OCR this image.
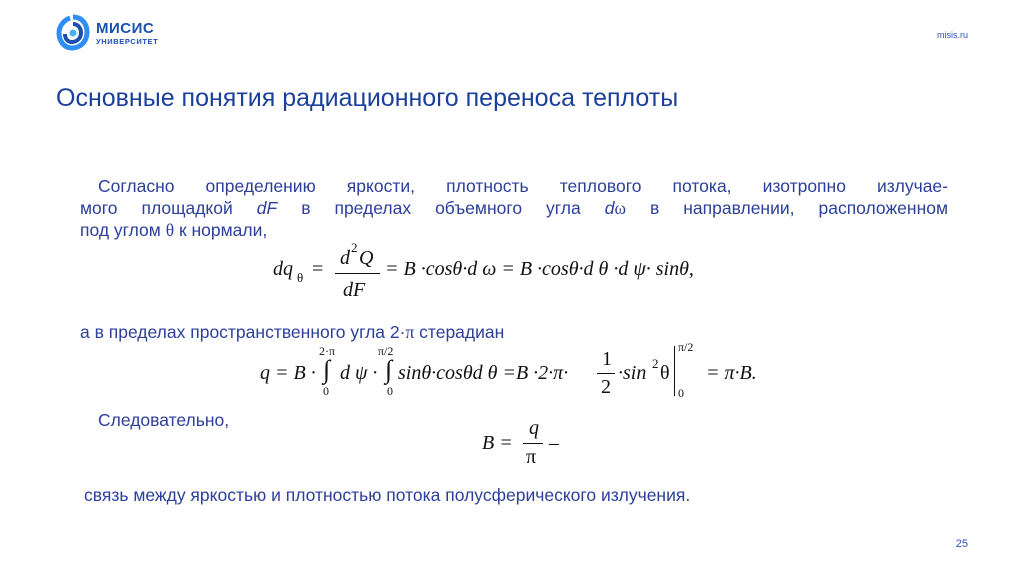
МИСИС
УНИВЕРСИТЕТ
misis.ru
Основные понятия радиационного переноса теплоты
Согласно определению яркости, плотность теплового потока, изотропно излучае-
мого площадкой dF в пределах объемного угла dω в направлении, расположенном
под углом θ к нормали,
dq θ = d 2 Q
dF
= B ·cosθ·d ω = B ·cosθ·d θ ·d ψ· sinθ,
а в пределах пространственного угла 2·π стерадиан
q = B ·
2·π
∫
0
d ψ ·
π/2
∫
0
sinθ·cosθd θ =B ·2·π·
1
2
·sin 2 θ
π/2
0
= π·B.
Следовательно,
B =
q
π
–
связь между яркостью и плотностью потока полусферического излучения.
25
